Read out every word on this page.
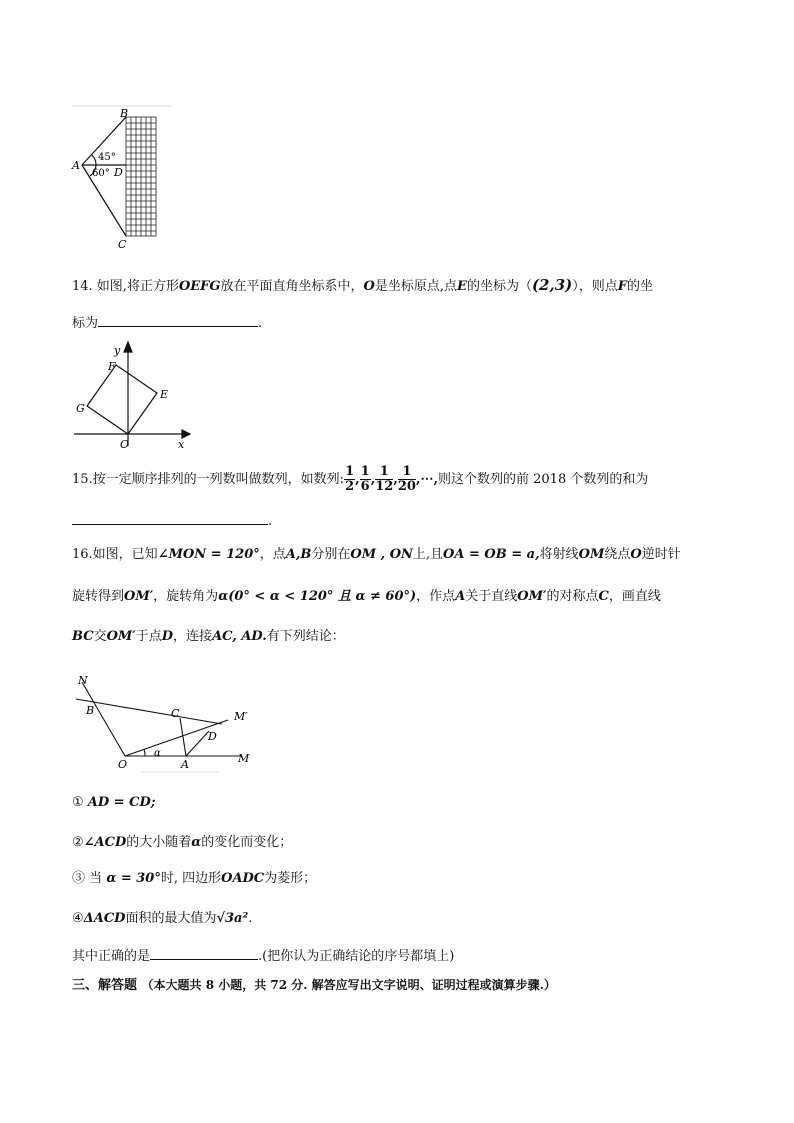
B
A
D
C
45°
60°
14. 如图,将正方形OEFG放在平面直角坐标系中，O是坐标原点,点E的坐标为（(2,3)），则点F的坐
标为	.
y
x
F
E
G
O
15.按一定顺序排列的一列数叫做数列，如数列: $\frac{1}{2}$ , $\frac{1}{6}$ , $\frac{1}{12}$ , $\frac{1}{20}$ ,⋯,则这个数列的前 2018 个数列的和为
.
16.如图，已知∠MON = 120°，点A,B分别在OM , ON上,且OA = OB = a,将射线OM绕点O逆时针
旋转得到OM′，旋转角为α(0° < α < 120° 且 α ≠ 60°)，作点A关于直线OM′的对称点C，画直线
BC交OM′于点D，连接AC, AD.有下列结论：
N
B	C	M′
D
O
α
A	M
① AD = CD;
②∠ACD的大小随着α的变化而变化；
③ 当 α = 30°时, 四边形OADC为菱形；
④ΔACD面积的最大值为√3a².
其中正确的是	.(把你认为正确结论的序号都填上)
三、解答题 （本大题共 8 小题，共 72 分. 解答应写出文字说明、证明过程或演算步骤.）
